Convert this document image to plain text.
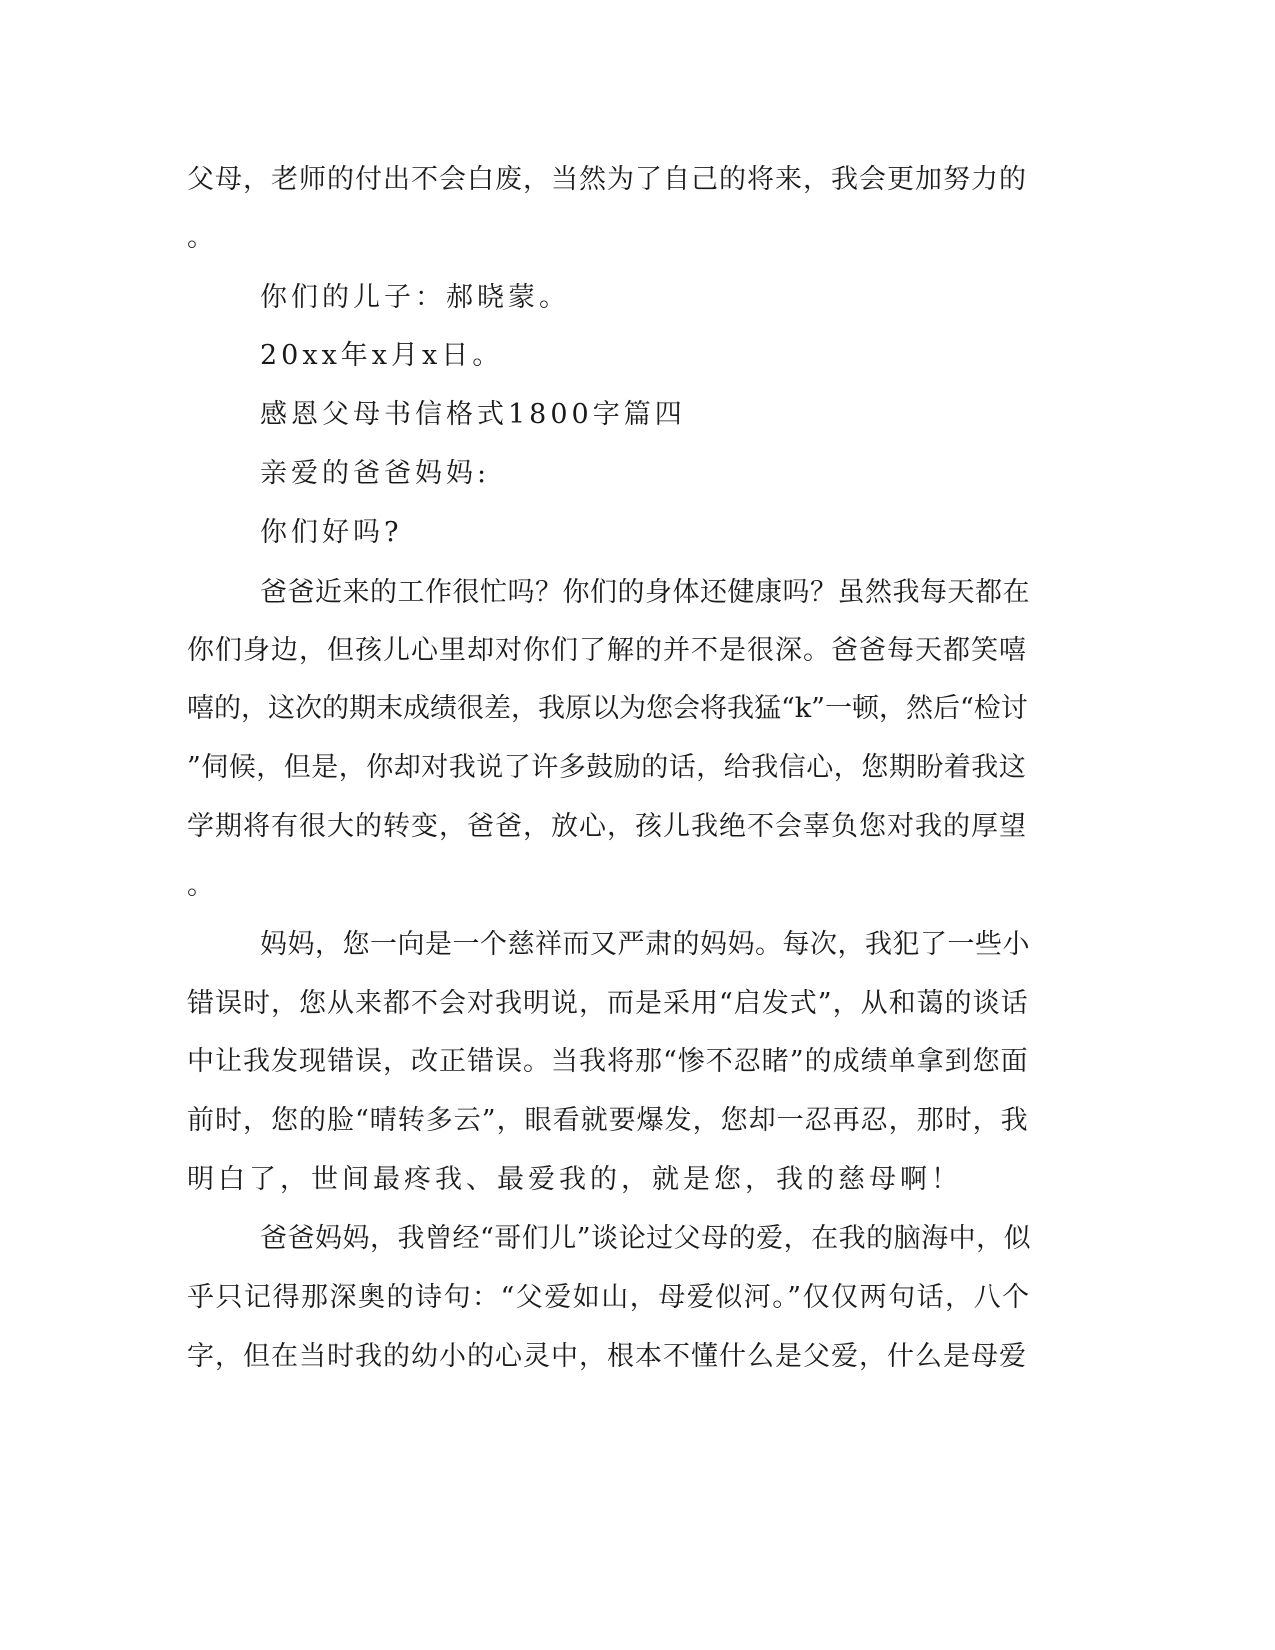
父母，老师的付出不会白废，当然为了自己的将来，我会更加努力的
。
你们的儿子：郝晓蒙。
20xx年x月x日。
感恩父母书信格式1800字篇四
亲爱的爸爸妈妈:
你们好吗?
爸爸近来的工作很忙吗？你们的身体还健康吗？虽然我每天都在
你们身边，但孩儿心里却对你们了解的并不是很深。爸爸每天都笑嘻
嘻的，这次的期末成绩很差，我原以为您会将我猛“k”一顿，然后“检讨
”伺候，但是，你却对我说了许多鼓励的话，给我信心，您期盼着我这
学期将有很大的转变，爸爸，放心，孩儿我绝不会辜负您对我的厚望
。
妈妈，您一向是一个慈祥而又严肃的妈妈。每次，我犯了一些小
错误时，您从来都不会对我明说，而是采用“启发式”，从和蔼的谈话
中让我发现错误，改正错误。当我将那“惨不忍睹”的成绩单拿到您面
前时，您的脸“晴转多云”，眼看就要爆发，您却一忍再忍，那时，我
明白了，世间最疼我、最爱我的，就是您，我的慈母啊！
爸爸妈妈，我曾经“哥们儿”谈论过父母的爱，在我的脑海中，似
乎只记得那深奥的诗句：“父爱如山，母爱似河。”仅仅两句话，八个
字，但在当时我的幼小的心灵中，根本不懂什么是父爱，什么是母爱
